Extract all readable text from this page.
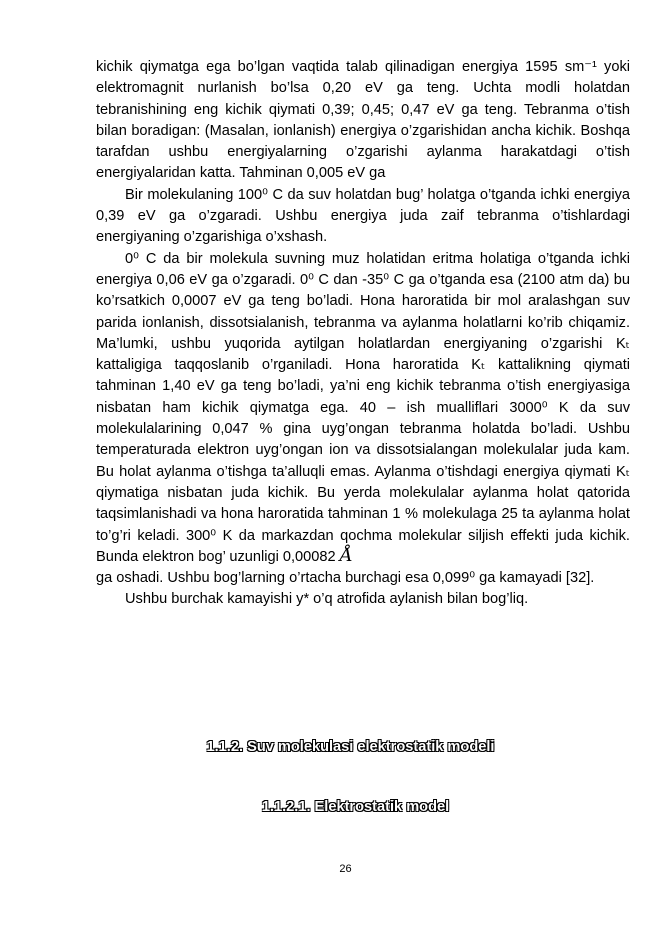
kichik qiymatga ega bo’lgan vaqtida talab qilinadigan energiya 1595 sm⁻¹ yoki elektromagnit nurlanish bo’lsa 0,20 eV ga teng. Uchta modli holatdan tebranishining eng kichik qiymati 0,39; 0,45; 0,47 eV ga teng. Tebranma o’tish bilan boradigan: (Masalan, ionlanish) energiya o’zgarishidan ancha kichik. Boshqa tarafdan ushbu energiyalarning o’zgarishi aylanma harakatdagi o’tish energiyalaridan katta. Tahminan 0,005 eV ga

Bir molekulaning 100⁰ C da suv holatdan bug’ holatga o’tganda ichki energiya 0,39 eV ga o’zgaradi. Ushbu energiya juda zaif tebranma o’tishlardagi energiyaning o’zgarishiga o’xshash.

0⁰ C da bir molekula suvning muz holatidan eritma holatiga o’tganda ichki energiya 0,06 eV ga o’zgaradi. 0⁰ C dan -35⁰ C ga o’tganda esa (2100 atm da) bu ko’rsatkich 0,0007 eV ga teng bo’ladi. Hona haroratida bir mol aralashgan suv parida ionlanish, dissotsialanish, tebranma va aylanma holatlarni ko’rib chiqamiz. Ma’lumki, ushbu yuqorida aytilgan holatlardan energiyaning o’zgarishi Kₜ kattaligiga taqqoslanib o’rganiladi. Hona haroratida Kₜ kattalikning qiymati tahminan 1,40 eV ga teng bo’ladi, ya’ni eng kichik tebranma o’tish energiyasiga nisbatan ham kichik qiymatga ega. 40 – ish mualliflari 3000⁰ K da suv molekulalarining 0,047 % gina uyg’ongan tebranma holatda bo’ladi. Ushbu temperaturada elektron uyg’ongan ion va dissotsialangan molekulalar juda kam. Bu holat aylanma o’tishga ta’alluqli emas. Aylanma o’tishdagi energiya qiymati Kₜ qiymatiga nisbatan juda kichik. Bu yerda molekulalar aylanma holat qatorida taqsimlanishadi va hona haroratida tahminan 1 % molekulaga 25 ta aylanma holat to’g’ri keladi. 300⁰ K da markazdan qochma molekular siljish effekti juda kichik. Bunda elektron bog’ uzunligi 0,00082 Å

ga oshadi. Ushbu bog’larning o’rtacha burchagi esa 0,099⁰ ga kamayadi [32].

Ushbu burchak kamayishi y* o’q atrofida aylanish bilan bog’liq.

1.1.2. Suv molekulasi elektrostatik modeli
1.1.2.1. Elektrostatik model
26
